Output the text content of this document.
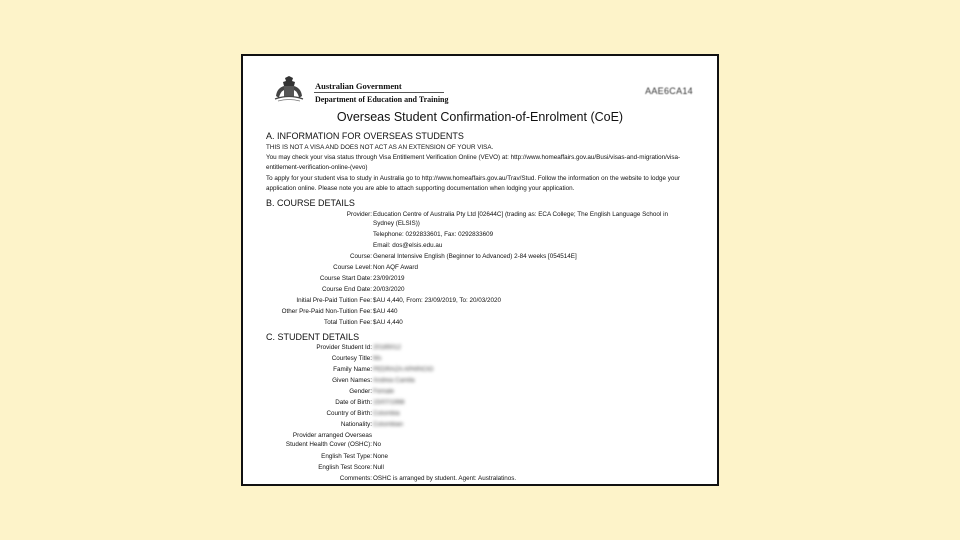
Australian Government
Department of Education and Training
AAE6CA14
Overseas Student Confirmation-of-Enrolment (CoE)
A. INFORMATION FOR OVERSEAS STUDENTS
THIS IS NOT A VISA AND DOES NOT ACT AS AN EXTENSION OF YOUR VISA.
You may check your visa status through Visa Entitlement Verification Online (VEVO) at: http://www.homeaffairs.gov.au/Busi/visas-and-migration/visa-
entitlement-verification-online-(vevo)
To apply for your student visa to study in Australia go to http://www.homeaffairs.gov.au/Trav/Stud. Follow the information on the website to lodge your
application online. Please note you are able to attach supporting documentation when lodging your application.
B. COURSE DETAILS
Provider: Education Centre of Australia Pty Ltd [02644C] (trading as: ECA College; The English Language School in
Sydney (ELSIS))
Telephone: 0292833601, Fax: 0292833609
Email: dos@elsis.edu.au
Course: General Intensive English (Beginner to Advanced) 2-84 weeks [054514E]
Course Level: Non AQF Award
Course Start Date: 23/09/2019
Course End Date: 20/03/2020
Initial Pre-Paid Tuition Fee: $AU 4,440, From: 23/09/2019, To: 20/03/2020
Other Pre-Paid Non-Tuition Fee: $AU 440
Total Tuition Fee: $AU 4,440
C. STUDENT DETAILS
Provider Student Id: 20185012
Courtesy Title: Ms
Family Name: PEDRAZA APARICIO
Given Names: Andrea Camila
Gender: Female
Date of Birth: 15/07/1998
Country of Birth: Colombia
Nationality: Colombian
Provider arranged Overseas
Student Health Cover (OSHC): No
English Test Type: None
English Test Score: Null
Comments: OSHC is arranged by student. Agent: Australatinos.
